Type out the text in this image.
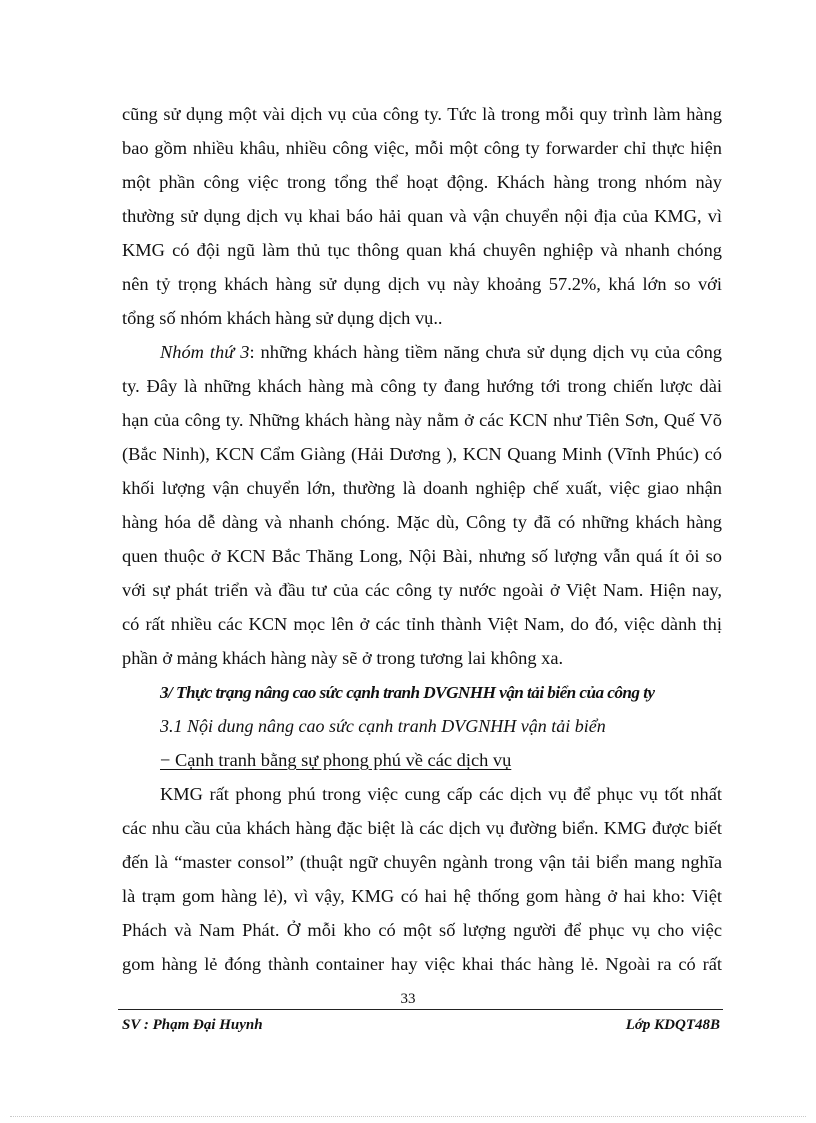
cũng sử dụng một vài dịch vụ của công ty. Tức là trong mỗi quy trình làm hàng
bao gồm nhiều khâu, nhiều công việc, mỗi một công ty forwarder chỉ thực hiện
một phần công việc trong tổng thể hoạt động. Khách hàng trong nhóm này
thường sử dụng dịch vụ khai báo hải quan và vận chuyển nội địa của KMG, vì
KMG có đội ngũ làm thủ tục thông quan khá chuyên nghiệp và nhanh chóng
nên tỷ trọng khách hàng sử dụng dịch vụ này khoảng 57.2%, khá lớn so với
tổng số nhóm khách hàng sử dụng dịch vụ..
Nhóm thứ 3: những khách hàng tiềm năng chưa sử dụng dịch vụ của công
ty. Đây là những khách hàng mà công ty đang hướng tới trong chiến lược dài
hạn của công ty. Những khách hàng này nằm ở các KCN như Tiên Sơn, Quế Võ
(Bắc Ninh), KCN Cẩm Giàng (Hải Dương ), KCN Quang Minh (Vĩnh Phúc) có
khối lượng vận chuyển lớn, thường là doanh nghiệp chế xuất, việc giao nhận
hàng hóa dễ dàng và nhanh chóng. Mặc dù, Công ty đã có những khách hàng
quen thuộc ở KCN Bắc Thăng Long, Nội Bài, nhưng số lượng vẫn quá ít ỏi so
với sự phát triển và đầu tư của các công ty nước ngoài ở Việt Nam. Hiện nay,
có rất nhiều các KCN mọc lên ở các tỉnh thành Việt Nam, do đó, việc dành thị
phần ở mảng khách hàng này sẽ ở trong tương lai không xa.
3/ Thực trạng nâng cao sức cạnh tranh DVGNHH vận tải biển của công ty
3.1 Nội dung nâng cao sức cạnh tranh DVGNHH vận tải biển
− Cạnh tranh bằng sự phong phú về các dịch vụ
KMG rất phong phú trong việc cung cấp các dịch vụ để phục vụ tốt nhất
các nhu cầu của khách hàng đặc biệt là các dịch vụ đường biển. KMG được biết
đến là “master consol” (thuật ngữ chuyên ngành trong vận tải biển mang nghĩa
là trạm gom hàng lẻ), vì vậy, KMG có hai hệ thống gom hàng ở hai kho: Việt
Phách và Nam Phát. Ở mỗi kho có một số lượng người để phục vụ cho việc
gom hàng lẻ đóng thành container hay việc khai thác hàng lẻ. Ngoài ra có rất
33
SV : Phạm Đại Huynh	Lớp KDQT48B
